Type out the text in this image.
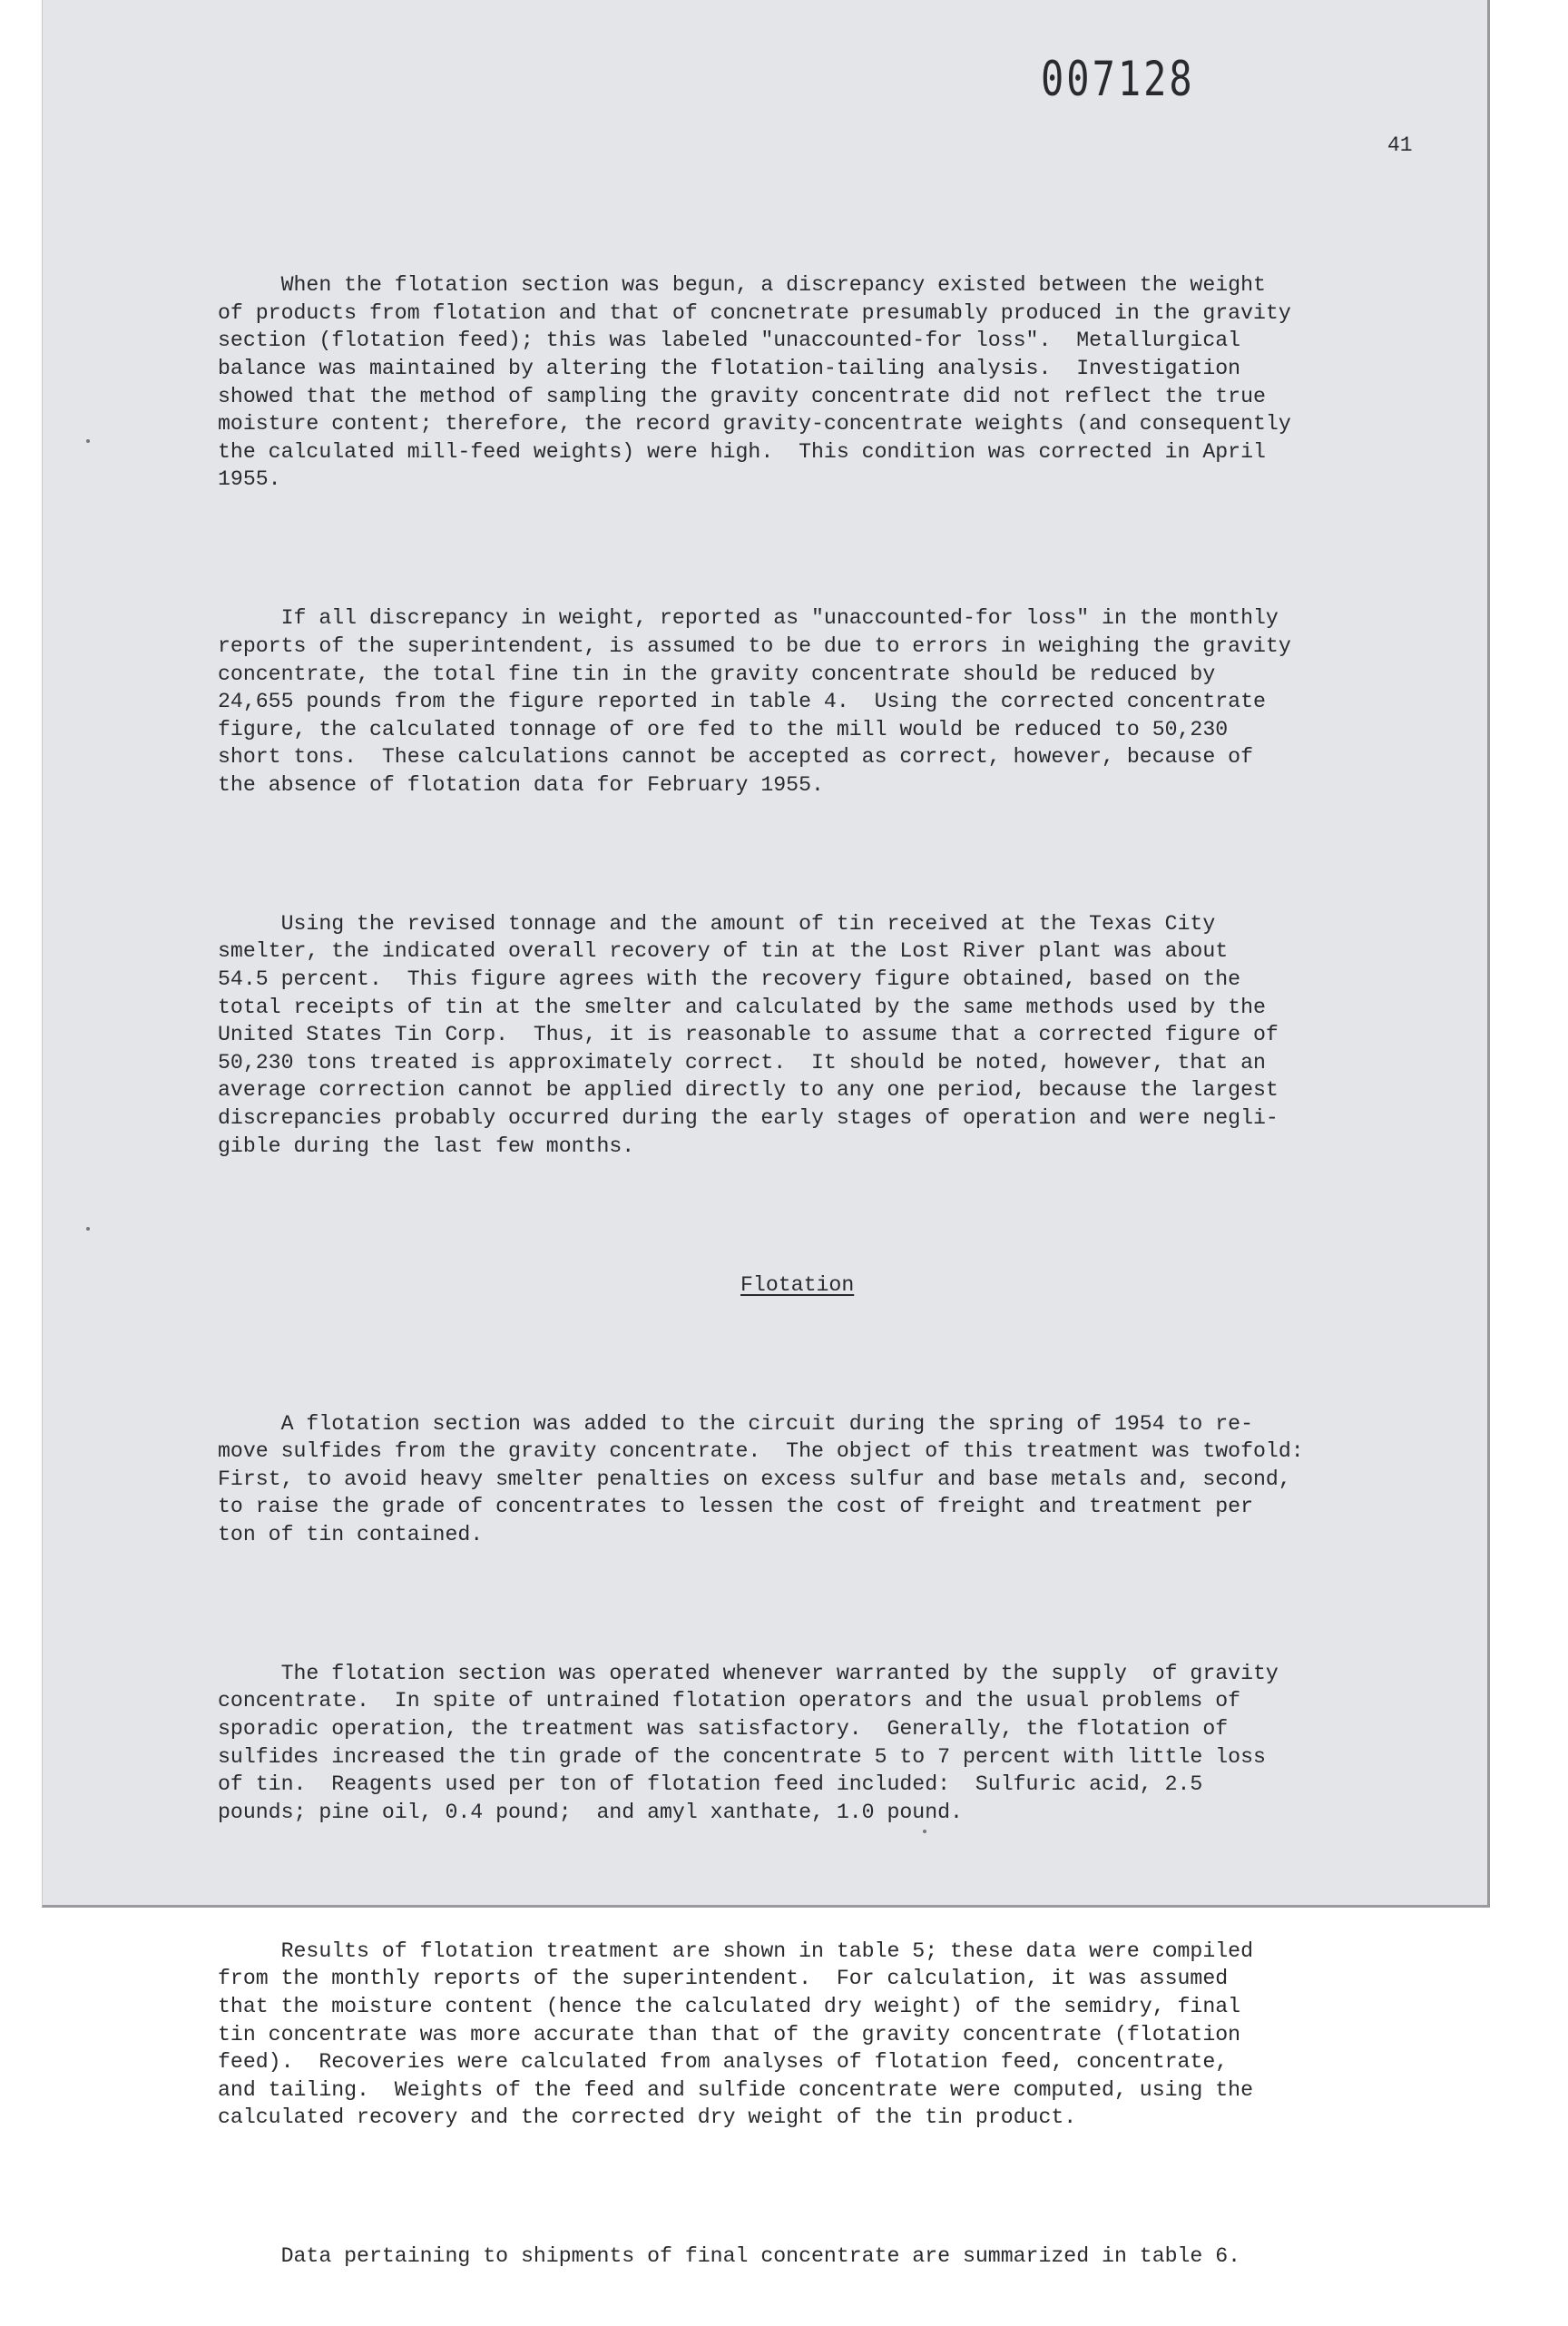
007128
41

When the flotation section was begun, a discrepancy existed between the weight
of products from flotation and that of concnetrate presumably produced in the gravity
section (flotation feed); this was labeled "unaccounted-for loss".  Metallurgical
balance was maintained by altering the flotation-tailing analysis.  Investigation
showed that the method of sampling the gravity concentrate did not reflect the true
moisture content; therefore, the record gravity-concentrate weights (and consequently
the calculated mill-feed weights) were high.  This condition was corrected in April
1955.

If all discrepancy in weight, reported as "unaccounted-for loss" in the monthly
reports of the superintendent, is assumed to be due to errors in weighing the gravity
concentrate, the total fine tin in the gravity concentrate should be reduced by
24,655 pounds from the figure reported in table 4.  Using the corrected concentrate
figure, the calculated tonnage of ore fed to the mill would be reduced to 50,230
short tons.  These calculations cannot be accepted as correct, however, because of
the absence of flotation data for February 1955.

Using the revised tonnage and the amount of tin received at the Texas City
smelter, the indicated overall recovery of tin at the Lost River plant was about
54.5 percent.  This figure agrees with the recovery figure obtained, based on the
total receipts of tin at the smelter and calculated by the same methods used by the
United States Tin Corp.  Thus, it is reasonable to assume that a corrected figure of
50,230 tons treated is approximately correct.  It should be noted, however, that an
average correction cannot be applied directly to any one period, because the largest
discrepancies probably occurred during the early stages of operation and were negli-
gible during the last few months.

Flotation

A flotation section was added to the circuit during the spring of 1954 to re-
move sulfides from the gravity concentrate.  The object of this treatment was twofold:
First, to avoid heavy smelter penalties on excess sulfur and base metals and, second,
to raise the grade of concentrates to lessen the cost of freight and treatment per
ton of tin contained.

The flotation section was operated whenever warranted by the supply  of gravity
concentrate.  In spite of untrained flotation operators and the usual problems of
sporadic operation, the treatment was satisfactory.  Generally, the flotation of
sulfides increased the tin grade of the concentrate 5 to 7 percent with little loss
of tin.  Reagents used per ton of flotation feed included:  Sulfuric acid, 2.5
pounds; pine oil, 0.4 pound;  and amyl xanthate, 1.0 pound.

Results of flotation treatment are shown in table 5; these data were compiled
from the monthly reports of the superintendent.  For calculation, it was assumed
that the moisture content (hence the calculated dry weight) of the semidry, final
tin concentrate was more accurate than that of the gravity concentrate (flotation
feed).  Recoveries were calculated from analyses of flotation feed, concentrate,
and tailing.  Weights of the feed and sulfide concentrate were computed, using the
calculated recovery and the corrected dry weight of the tin product.

Data pertaining to shipments of final concentrate are summarized in table 6.
